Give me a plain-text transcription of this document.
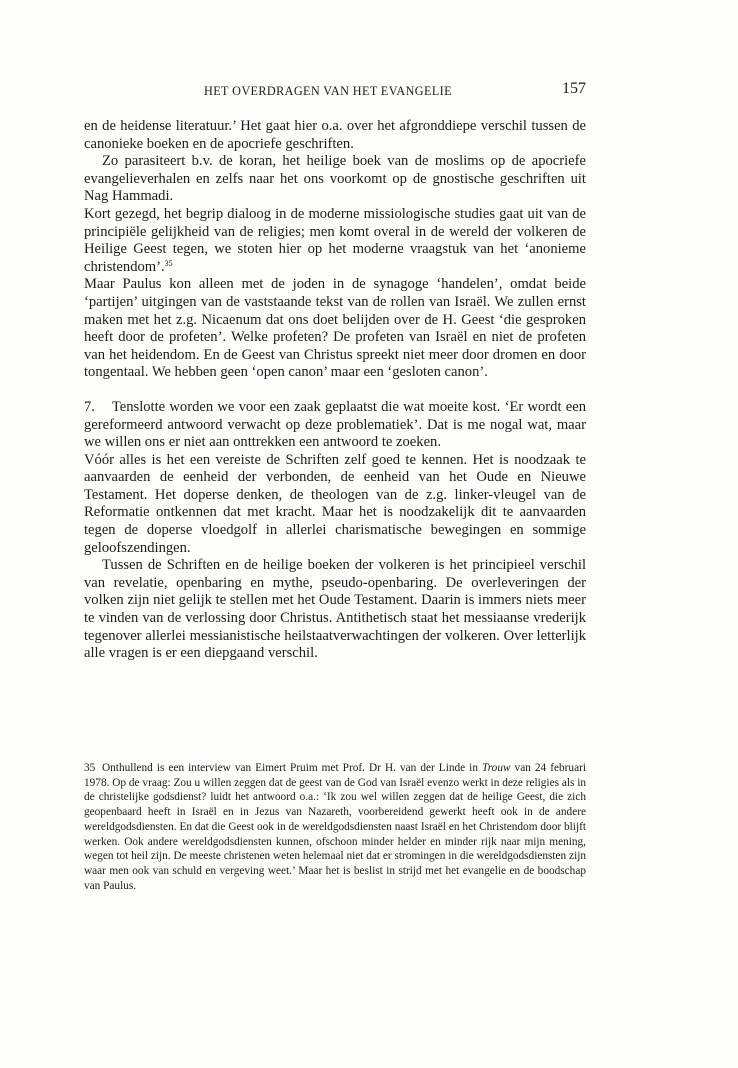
HET OVERDRAGEN VAN HET EVANGELIE	157

en de heidense literatuur.’ Het gaat hier o.a. over het afgronddiepe verschil tussen de canonieke boeken en de apocriefe geschriften.

Zo parasiteert b.v. de koran, het heilige boek van de moslims op de apocriefe evangelieverhalen en zelfs naar het ons voorkomt op de gnostische geschriften uit Nag Hammadi.

Kort gezegd, het begrip dialoog in de moderne missiologische studies gaat uit van de principiële gelijkheid van de religies; men komt overal in de wereld der volkeren de Heilige Geest tegen, we stoten hier op het moderne vraagstuk van het ‘anonieme christendom’.$^{35}$

Maar Paulus kon alleen met de joden in de synagoge ‘handelen’, omdat beide ‘partijen’ uitgingen van de vaststaande tekst van de rollen van Israël. We zullen ernst maken met het z.g. Nicaenum dat ons doet belijden over de H. Geest ‘die gesproken heeft door de profeten’. Welke profeten? De profeten van Israël en niet de profeten van het heidendom. En de Geest van Christus spreekt niet meer door dromen en door tongentaal. We hebben geen ‘open canon’ maar een ‘gesloten canon’.

7. Tenslotte worden we voor een zaak geplaatst die wat moeite kost. ‘Er wordt een gereformeerd antwoord verwacht op deze problematiek’. Dat is me nogal wat, maar we willen ons er niet aan onttrekken een antwoord te zoeken.

Vóór alles is het een vereiste de Schriften zelf goed te kennen. Het is noodzaak te aanvaarden de eenheid der verbonden, de eenheid van het Oude en Nieuwe Testament. Het doperse denken, de theologen van de z.g. linker-vleugel van de Reformatie ontkennen dat met kracht. Maar het is noodzakelijk dit te aanvaarden tegen de doperse vloedgolf in allerlei charismatische bewegingen en sommige geloofszendingen.

Tussen de Schriften en de heilige boeken der volkeren is het principieel verschil van revelatie, openbaring en mythe, pseudo-openbaring. De overleveringen der volken zijn niet gelijk te stellen met het Oude Testament. Daarin is immers niets meer te vinden van de verlossing door Christus. Antithetisch staat het messiaanse vrederijk tegenover allerlei messianistische heilstaatverwachtingen der volkeren. Over letterlijk alle vragen is er een diepgaand verschil.

35 Onthullend is een interview van Eimert Pruim met Prof. Dr H. van der Linde in Trouw van 24 februari 1978. Op de vraag: Zou u willen zeggen dat de geest van de God van Israël evenzo werkt in deze religies als in de christelijke godsdienst? luidt het antwoord o.a.: ‘Ik zou wel willen zeggen dat de heilige Geest, die zich geopenbaard heeft in Israël en in Jezus van Nazareth, voorbereidend gewerkt heeft ook in de andere wereldgodsdiensten. En dat die Geest ook in de wereldgodsdiensten naast Israël en het Christendom door blijft werken. Ook andere wereldgodsdiensten kunnen, ofschoon minder helder en minder rijk naar mijn mening, wegen tot heil zijn. De meeste christenen weten helemaal niet dat er stromingen in die wereldgodsdiensten zijn waar men ook van schuld en vergeving weet.’ Maar het is beslist in strijd met het evangelie en de boodschap van Paulus.
